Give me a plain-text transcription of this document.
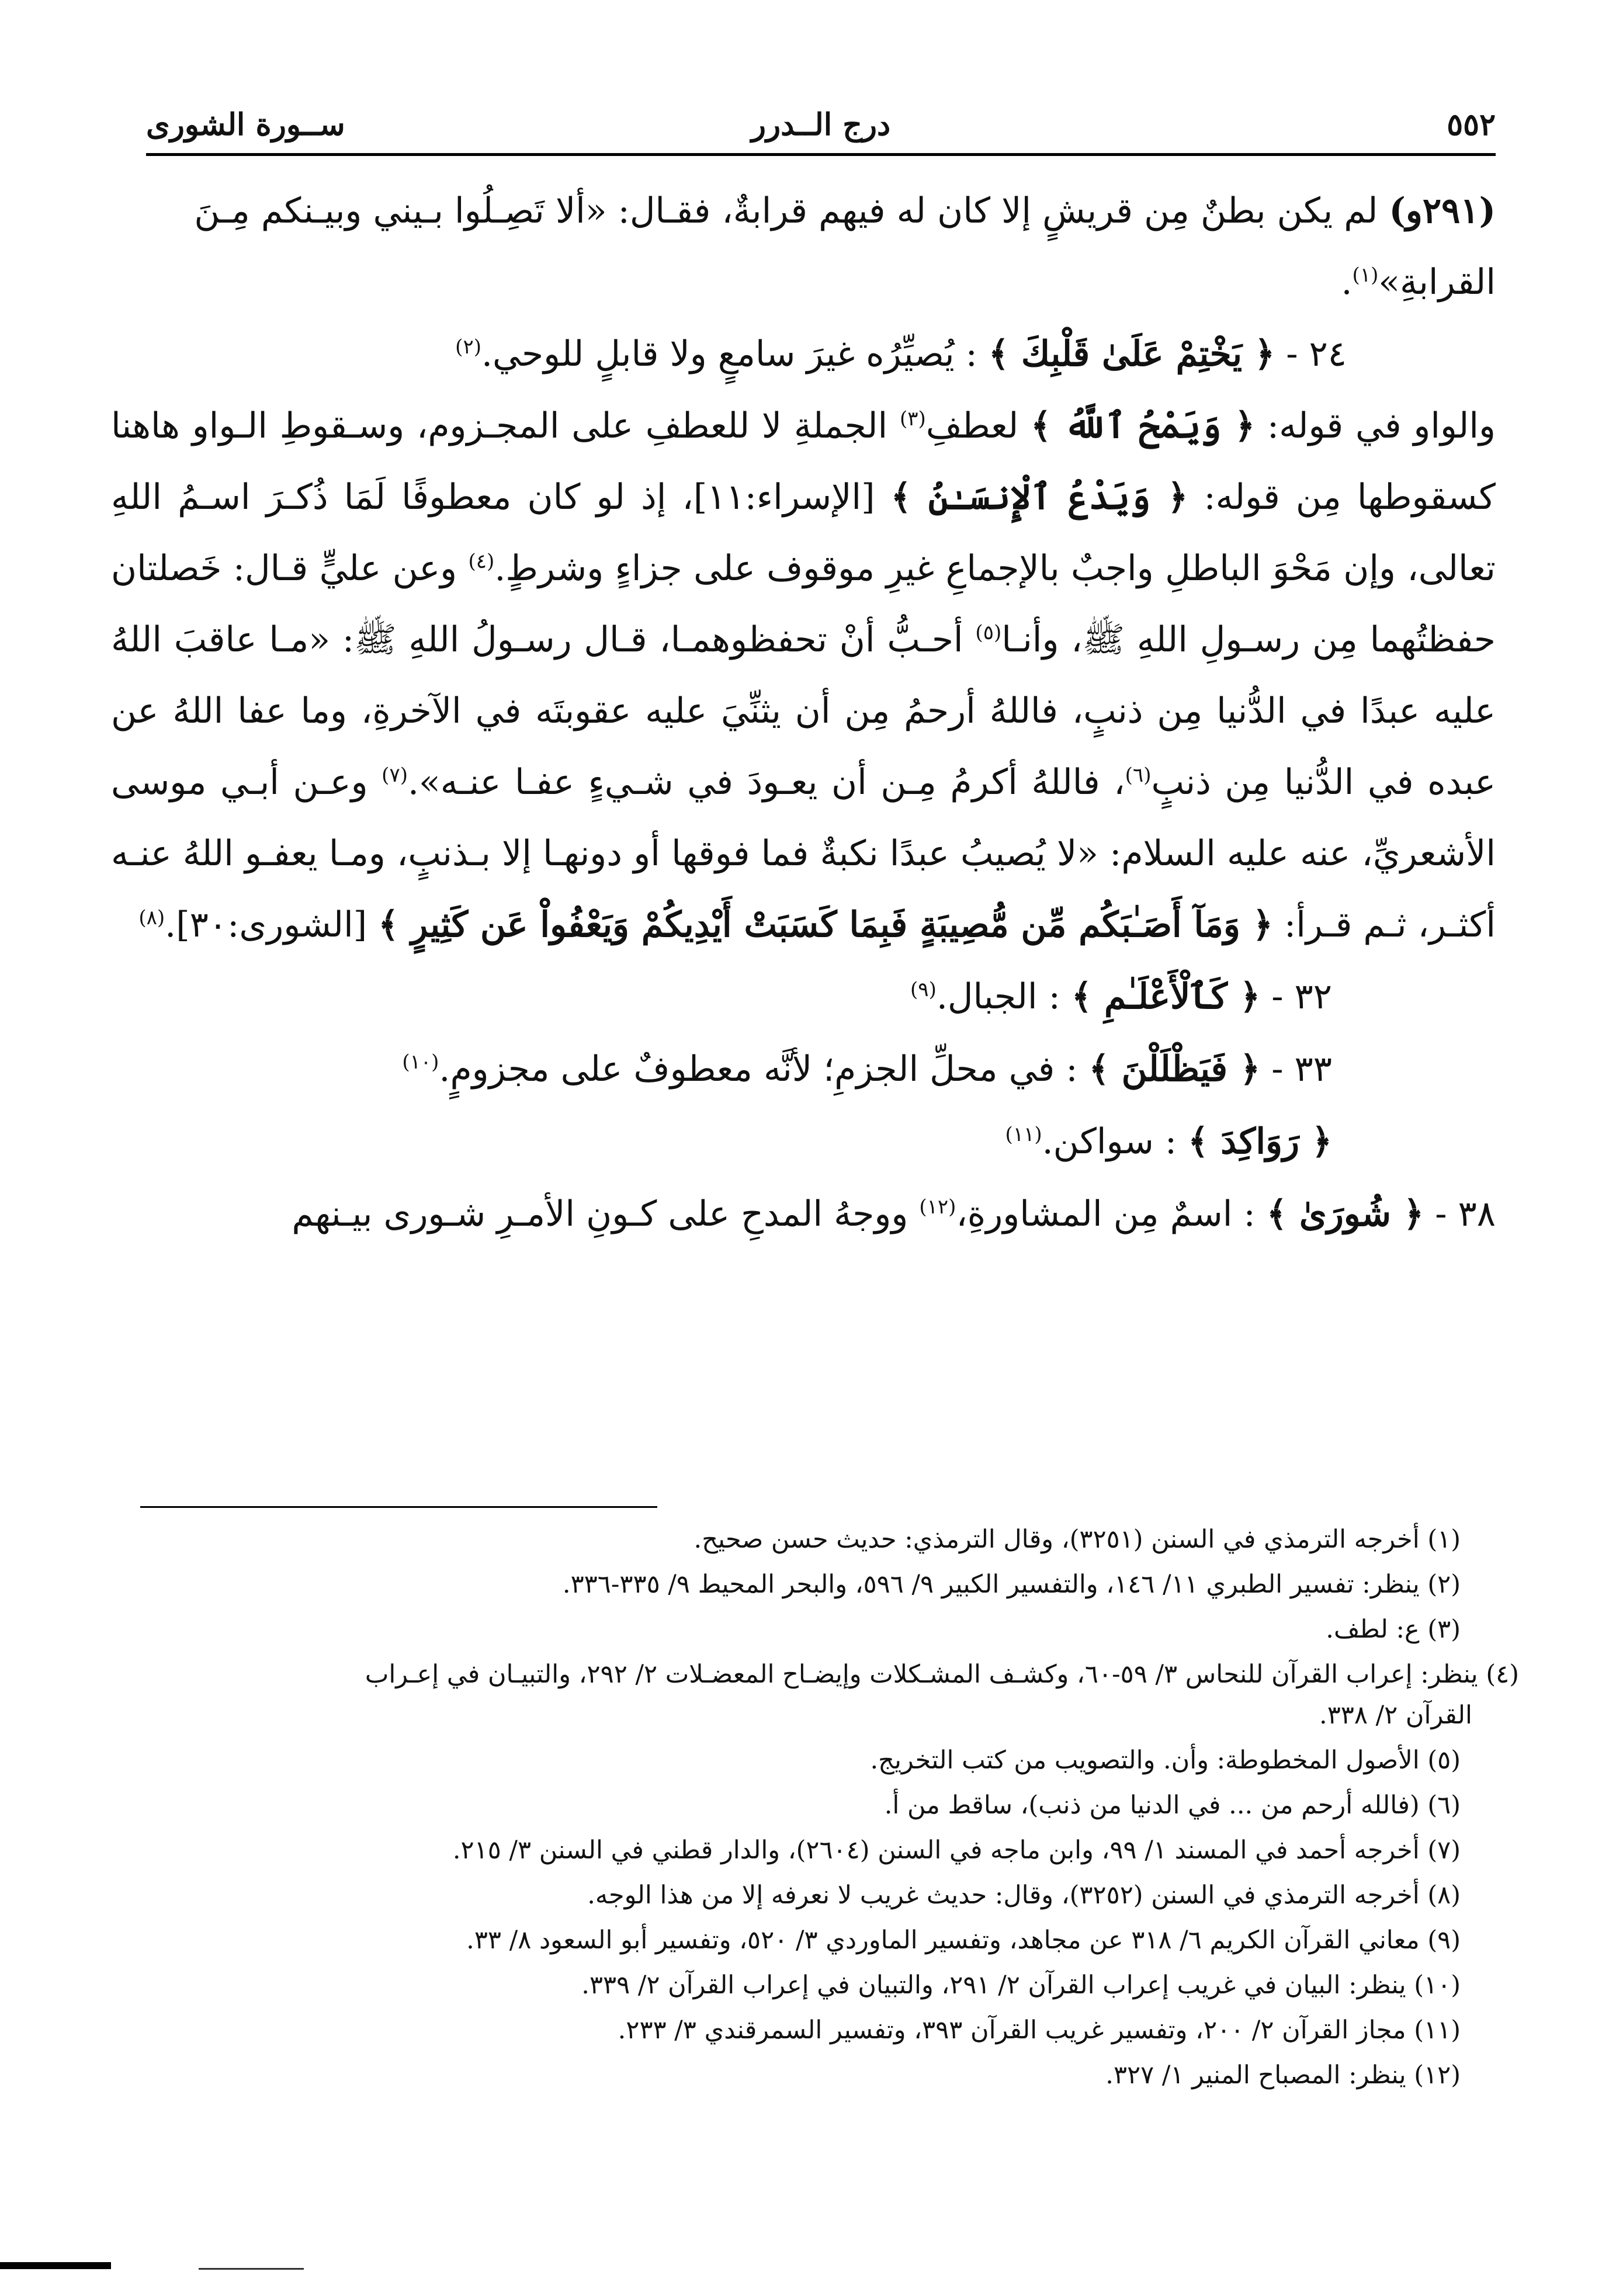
٥٥٢
درج الــدرر
ســورة الشورى

(٢٩١و) لم يكن بطنٌ مِن قريشٍ إلا كان له فيهم قرابةٌ، فقـال: «ألا تَصِـلُوا بـيني وبيـنكم مِـنَ القرابةِ»$^{(١)}$.

٢٤ - ﴿ يَخْتِمْ عَلَىٰ قَلْبِكَ ﴾ : يُصيِّرُه غيرَ سامعٍ ولا قابلٍ للوحي.$^{(٢)}$

والواو في قوله: ﴿ وَيَمْحُ ٱللَّهُ ﴾ لعطفِ$^{(٣)}$ الجملةِ لا للعطفِ على المجـزوم، وسـقوطِ الـواو هاهنا كسقوطها مِن قوله: ﴿ وَيَدْعُ ٱلْإِنسَـٰنُ ﴾ [الإسراء:١١]، إذ لو كان معطوفًا لَمَا ذُكـرَ اسـمُ اللهِ تعالى، وإن مَحْوَ الباطلِ واجبٌ بالإجماعِ غيرِ موقوف على جزاءٍ وشرطٍ.$^{(٤)}$ وعن عليٍّ قـال: خَصلتان حفظتُهما مِن رسـولِ اللهِ ﷺ، وأنـا$^{(٥)}$ أحـبُّ أنْ تحفظوهمـا، قـال رسـولُ اللهِ ﷺ: «مـا عاقبَ اللهُ عليه عبدًا في الدُّنيا مِن ذنبٍ، فاللهُ أرحمُ مِن أن يثنِّيَ عليه عقوبتَه في الآخرةِ، وما عفا اللهُ عن عبده في الدُّنيا مِن ذنبٍ$^{(٦)}$، فاللهُ أكرمُ مِـن أن يعـودَ في شـيءٍ عفـا عنـه».$^{(٧)}$ وعـن أبـي موسى الأشعريِّ، عنه عليه السلام: «لا يُصيبُ عبدًا نكبةٌ فما فوقها أو دونهـا إلا بـذنبٍ، ومـا يعفـو اللهُ عنـه أكثـر، ثـم قـرأ: ﴿ وَمَآ أَصَـٰبَكُم مِّن مُّصِيبَةٍ فَبِمَا كَسَبَتْ أَيْدِيكُمْ وَيَعْفُواْ عَن كَثِيرٍ ﴾ [الشورى:٣٠].$^{(٨)}$

٣٢ - ﴿ كَٱلْأَعْلَـٰمِ ﴾ : الجبال.$^{(٩)}$

٣٣ - ﴿ فَيَظْلَلْنَ ﴾ : في محلِّ الجزمِ؛ لأنَّه معطوفٌ على مجزومٍ.$^{(١٠)}$

﴿ رَوَاكِدَ ﴾ : سواكن.$^{(١١)}$

٣٨ - ﴿ شُورَىٰ ﴾ : اسمٌ مِن المشاورةِ،$^{(١٢)}$ ووجهُ المدحِ على كـونِ الأمـرِ شـورى بيـنهم

(١) أخرجه الترمذي في السنن (٣٢٥١)، وقال الترمذي: حديث حسن صحيح.

(٢) ينظر: تفسير الطبري ١١/ ١٤٦، والتفسير الكبير ٩/ ٥٩٦، والبحر المحيط ٩/ ٣٣٥-٣٣٦.

(٣) ع: لطف.

(٤) ينظر: إعراب القرآن للنحاس ٣/ ٥٩-٦٠، وكشـف المشـكلات وإيضـاح المعضـلات ٢/ ٢٩٢، والتبيـان في إعـراب
القرآن ٢/ ٣٣٨.

(٥) الأصول المخطوطة: وأن. والتصويب من كتب التخريج.

(٦) (فالله أرحم من ... في الدنيا من ذنب)، ساقط من أ.

(٧) أخرجه أحمد في المسند ١/ ٩٩، وابن ماجه في السنن (٢٦٠٤)، والدار قطني في السنن ٣/ ٢١٥.

(٨) أخرجه الترمذي في السنن (٣٢٥٢)، وقال: حديث غريب لا نعرفه إلا من هذا الوجه.

(٩) معاني القرآن الكريم ٦/ ٣١٨ عن مجاهد، وتفسير الماوردي ٣/ ٥٢٠، وتفسير أبو السعود ٨/ ٣٣.

(١٠) ينظر: البيان في غريب إعراب القرآن ٢/ ٢٩١، والتبيان في إعراب القرآن ٢/ ٣٣٩.

(١١) مجاز القرآن ٢/ ٢٠٠، وتفسير غريب القرآن ٣٩٣، وتفسير السمرقندي ٣/ ٢٣٣.

(١٢) ينظر: المصباح المنير ١/ ٣٢٧.
